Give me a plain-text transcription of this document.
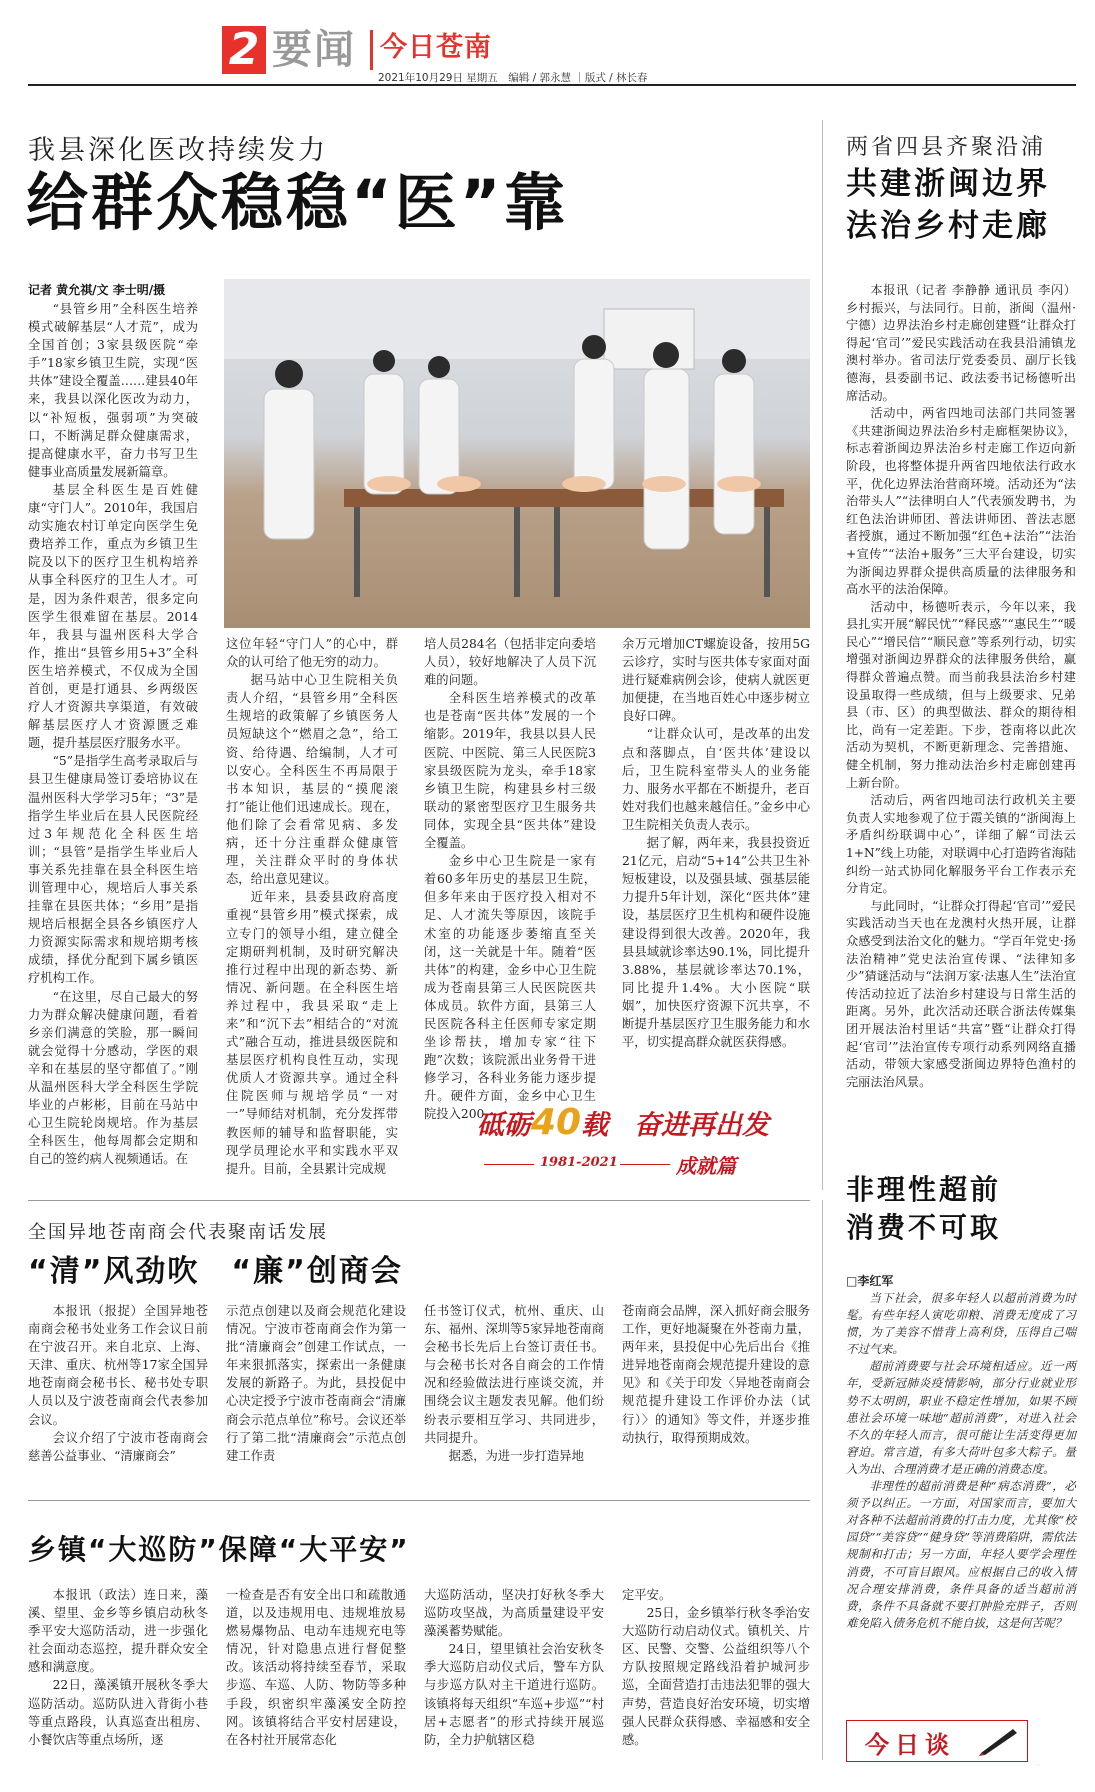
2 要闻 今日苍南
2021年10月29日 星期五　编辑 / 郭永慧 ｜版式 / 林长春
我县深化医改持续发力
给群众稳稳“医”靠
记者 黄允祺/文 李士明/摄

“县管乡用”全科医生培养模式破解基层“人才荒”，成为全国首创；3家县级医院“牵手”18家乡镇卫生院，实现“医共体”建设全覆盖……建县40年来，我县以深化医改为动力，以“补短板，强弱项”为突破口，不断满足群众健康需求，提高健康水平，奋力书写卫生健事业高质量发展新篇章。

基层全科医生是百姓健康“守门人”。2010年，我国启动实施农村订单定向医学生免费培养工作，重点为乡镇卫生院及以下的医疗卫生机构培养从事全科医疗的卫生人才。可是，因为条件艰苦，很多定向医学生很难留在基层。2014年，我县与温州医科大学合作，推出“县管乡用5+3”全科医生培养模式，不仅成为全国首创，更是打通县、乡两级医疗人才资源共享渠道，有效破解基层医疗人才资源匮乏难题，提升基层医疗服务水平。

“5”是指学生高考录取后与县卫生健康局签订委培协议在温州医科大学学习5年；“3”是指学生毕业后在县人民医院经过3年规范化全科医生培训；“县管”是指学生毕业后人事关系先挂靠在县全科医生培训管理中心，规培后人事关系挂靠在县医共体；“乡用”是指规培后根据全县各乡镇医疗人力资源实际需求和规培期考核成绩，择优分配到下属乡镇医疗机构工作。

“在这里，尽自己最大的努力为群众解决健康问题，看着乡亲们满意的笑脸，那一瞬间就会觉得十分感动，学医的艰辛和在基层的坚守都值了。”刚从温州医科大学全科医生学院毕业的卢彬彬，目前在马站中心卫生院轮岗规培。作为基层全科医生，他每周都会定期和自己的签约病人视频通话。在

这位年轻“守门人”的心中，群众的认可给了他无穷的动力。

据马站中心卫生院相关负责人介绍，“县管乡用”全科医生规培的政策解了乡镇医务人员短缺这个“燃眉之急”，给工资、给待遇、给编制，人才可以安心。全科医生不再局限于书本知识，基层的“摸爬滚打”能让他们迅速成长。现在，他们除了会看常见病、多发病，还十分注重群众健康管理，关注群众平时的身体状态，给出意见建议。

近年来，县委县政府高度重视“县管乡用”模式探索，成立专门的领导小组，建立健全定期研判机制，及时研究解决推行过程中出现的新态势、新情况、新问题。在全科医生培养过程中，我县采取“走上来”和“沉下去”相结合的“对流式”融合互动，推进县级医院和基层医疗机构良性互动，实现优质人才资源共享。通过全科住院医师与规培学员“一对一”导师结对机制，充分发挥带教医师的辅导和监督职能，实现学员理论水平和实践水平双提升。目前，全县累计完成规

培人员284名（包括非定向委培人员），较好地解决了人员下沉难的问题。

全科医生培养模式的改革也是苍南“医共体”发展的一个缩影。2019年，我县以县人民医院、中医院、第三人民医院3家县级医院为龙头，牵手18家乡镇卫生院，构建县乡村三级联动的紧密型医疗卫生服务共同体，实现全县“医共体”建设全覆盖。

金乡中心卫生院是一家有着60多年历史的基层卫生院，但多年来由于医疗投入相对不足、人才流失等原因，该院手术室的功能逐步萎缩直至关闭，这一关就是十年。随着“医共体”的构建，金乡中心卫生院成为苍南县第三人民医院医共体成员。软件方面，县第三人民医院各科主任医师专家定期坐诊帮扶，增加专家“往下跑”次数；该院派出业务骨干进修学习，各科业务能力逐步提升。硬件方面，金乡中心卫生院投入200

余万元增加CT螺旋设备，按用5G云诊疗，实时与医共体专家面对面进行疑难病例会诊，使病人就医更加便捷，在当地百姓心中逐步树立良好口碑。

“让群众认可，是改革的出发点和落脚点，自‘医共体’建设以后，卫生院科室带头人的业务能力、服务水平都在不断提升，老百姓对我们也越来越信任。”金乡中心卫生院相关负责人表示。

据了解，两年来，我县投资近21亿元，启动“5+14”公共卫生补短板建设，以及强县域、强基层能力提升5年计划，深化“医共体”建设，基层医疗卫生机构和硬件设施建设得到很大改善。2020年，我县县域就诊率达90.1%，同比提升3.88%，基层就诊率达70.1%，同比提升1.4%。大小医院“联姻”，加快医疗资源下沉共享，不断提升基层医疗卫生服务能力和水平，切实提高群众就医获得感。

砥砺40载 奋进再出发
1981-2021	成就篇
两省四县齐聚沿浦
共建浙闽边界
法治乡村走廊

本报讯（记者 李静静 通讯员 李闪）乡村振兴，与法同行。日前，浙闽（温州·宁德）边界法治乡村走廊创建暨“让群众打得起‘官司’”爱民实践活动在我县沿浦镇龙澳村举办。省司法厅党委委员、副厅长钱德海，县委副书记、政法委书记杨德听出席活动。

活动中，两省四地司法部门共同签署《共建浙闽边界法治乡村走廊框架协议》，标志着浙闽边界法治乡村走廊工作迈向新阶段，也将整体提升两省四地依法行政水平，优化边界法治营商环境。活动还为“法治带头人”“法律明白人”代表颁发聘书，为红色法治讲师团、普法讲师团、普法志愿者授旗，通过不断加强“红色+法治”“法治+宣传”“法治+服务”三大平台建设，切实为浙闽边界群众提供高质量的法律服务和高水平的法治保障。

活动中，杨德听表示，今年以来，我县扎实开展“解民忧”“释民惑”“惠民生”“暖民心”“增民信”“顺民意”等系列行动，切实增强对浙闽边界群众的法律服务供给，赢得群众普遍点赞。而当前我县法治乡村建设虽取得一些成绩，但与上级要求、兄弟县（市、区）的典型做法、群众的期待相比，尚有一定差距。下步，苍南将以此次活动为契机，不断更新理念、完善措施、健全机制，努力推动法治乡村走廊创建再上新台阶。

活动后，两省四地司法行政机关主要负责人实地参观了位于霞关镇的“浙闽海上矛盾纠纷联调中心”，详细了解“司法云1+N”线上功能，对联调中心打造跨省海陆纠纷一站式协同化解服务平台工作表示充分肯定。

与此同时，“让群众打得起‘官司’”爱民实践活动当天也在龙澳村火热开展，让群众感受到法治文化的魅力。“学百年党史·扬法治精神”党史法治宣传课、“法律知多少”猜谜活动与“法润万家·法惠人生”法治宣传活动拉近了法治乡村建设与日常生活的距离。另外，此次活动还联合浙法传媒集团开展法治村里话“共富”暨“让群众打得起‘官司’”法治宣传专项行动系列网络直播活动，带领大家感受浙闽边界特色渔村的完丽法治风景。

全国异地苍南商会代表聚南话发展
“清”风劲吹　“廉”创商会

本报讯（报捉）全国异地苍南商会秘书处业务工作会议日前在宁波召开。来自北京、上海、天津、重庆、杭州等17家全国异地苍南商会秘书长、秘书处专职人员以及宁波苍南商会代表参加会议。

会议介绍了宁波市苍南商会慈善公益事业、“清廉商会”

示范点创建以及商会规范化建设情况。宁波市苍南商会作为第一批“清廉商会”创建工作试点，一年来狠抓落实，探索出一条健康发展的新路子。为此，县投促中心决定授予宁波市苍南商会“清廉商会示范点单位”称号。会议还举行了第二批“清廉商会”示范点创建工作责

任书签订仪式，杭州、重庆、山东、福州、深圳等5家异地苍南商会秘书长先后上台签订责任书。与会秘书长对各自商会的工作情况和经验做法进行座谈交流，并围绕会议主题发表见解。他们纷纷表示要相互学习、共同进步，共同提升。

据悉，为进一步打造异地

苍南商会品牌，深入抓好商会服务工作，更好地凝聚在外苍南力量，两年来，县投促中心先后出台《推进异地苍南商会规范提升建设的意见》和《关于印发〈异地苍南商会规范提升建设工作评价办法（试行）〉的通知》等文件，并逐步推动执行，取得预期成效。

乡镇“大巡防”保障“大平安”

本报讯（政法）连日来，藻溪、望里、金乡等乡镇启动秋冬季平安大巡防活动，进一步强化社会面动态巡控，提升群众安全感和满意度。

22日，藻溪镇开展秋冬季大巡防活动。巡防队进入背街小巷等重点路段，认真巡查出租房、小餐饮店等重点场所，逐

一检查是否有安全出口和疏散通道，以及违规用电、违规堆放易燃易爆物品、电动车违规充电等情况，针对隐患点进行督促整改。该活动将持续至春节，采取步巡、车巡、人防、物防等多种手段，织密织牢藻溪安全防控网。该镇将结合平安村居建设，在各村社开展常态化

大巡防活动，坚决打好秋冬季大巡防攻坚战，为高质量建设平安藻溪蓄势赋能。

24日，望里镇社会治安秋冬季大巡防启动仪式后，警车方队与步巡方队对主干道进行巡防。该镇将每天组织“车巡+步巡”“村居+志愿者”的形式持续开展巡防，全力护航辖区稳

定平安。

25日，金乡镇举行秋冬季治安大巡防行动启动仪式。镇机关、片区、民警、交警、公益组织等八个方队按照规定路线沿着护城河步巡，全面营造打击违法犯罪的强大声势，营造良好治安环境，切实增强人民群众获得感、幸福感和安全感。

非理性超前
消费不可取
□李红军

当下社会，很多年轻人以超前消费为时髦。有些年轻人寅吃卯粮、消费无度成了习惯，为了美容不惜背上高利贷，压得自己喘不过气来。

超前消费要与社会环境相适应。近一两年，受新冠肺炎疫情影响，部分行业就业形势不太明朗，职业不稳定性增加，如果不顾患社会环境一味地“超前消费”，对进入社会不久的年轻人而言，很可能让生活变得更加窘迫。常言道，有多大荷叶包多大粽子。量入为出、合理消费才是正确的消费态度。

非理性的超前消费是种“病态消费”，必须予以纠正。一方面，对国家而言，要加大对各种不法超前消费的打击力度，尤其像“校园贷”“美容贷”“健身贷”等消费陷阱，需依法规制和打击；另一方面，年轻人要学会理性消费，不可盲目跟风。应根据自己的收入情况合理安排消费，条件具备的适当超前消费，条件不具备就不要打肿脸充胖子，否则难免陷入债务危机不能自拔，这是何苦呢？

今日谈
